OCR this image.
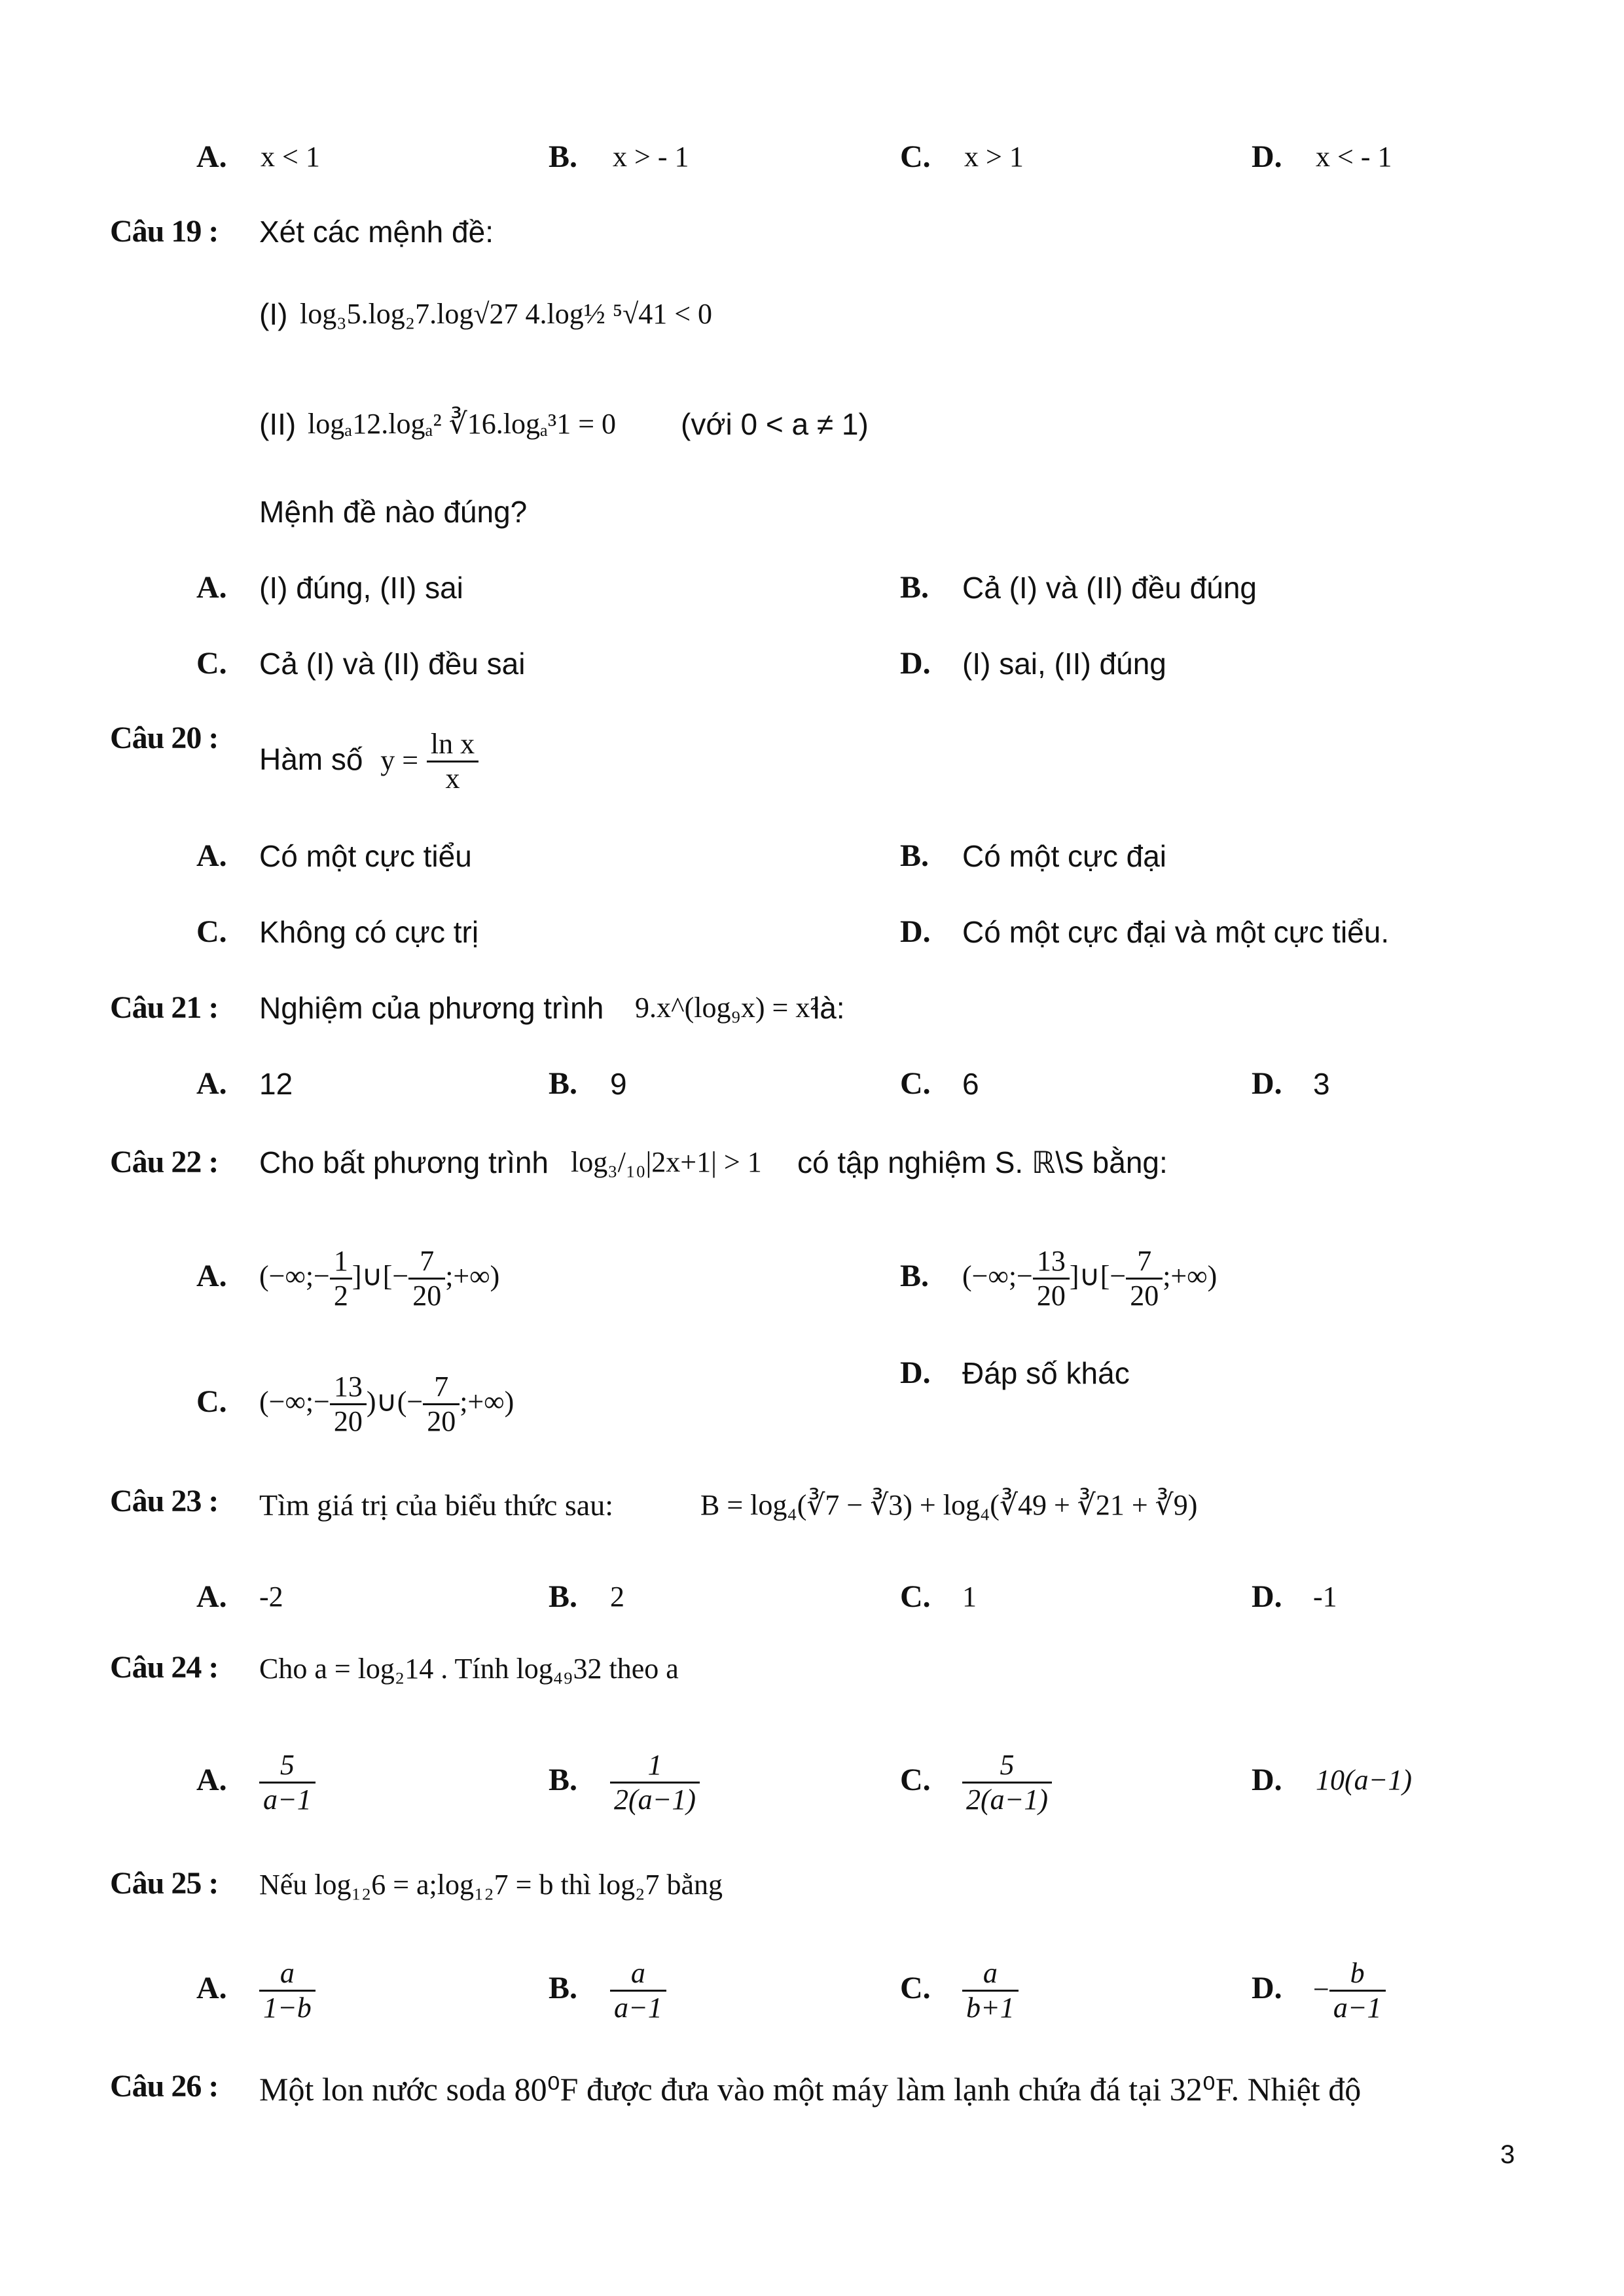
A. x < 1	B. x > - 1	C. x > 1	D. x < - 1
Câu 19 : Xét các mệnh đề:
(I) log₃5.log₂7.log√27 4.log½ ⁵√41 < 0
(II) logₐ12.logₐ² ∛16.logₐ³1 = 0 (với 0 < a ≠ 1)
Mệnh đề nào đúng?
A. (I) đúng, (II) sai	B. Cả (I) và (II) đều đúng
C. Cả (I) và (II) đều sai	D. (I) sai, (II) đúng
Câu 20 :
Hàm số $y = \frac{\text{ln x}}{x}$
A. Có một cực tiểu	B. Có một cực đại
C. Không có cực trị	D. Có một cực đại và một cực tiểu.
Câu 21 : Nghiệm của phương trình 9.x^(log₉x) = x²
là:
A. 12	B. 9	C. 6	D. 3
Câu 22 : Cho bất phương trình log₃/₁₀|2x+1| > 1 có tập nghiệm S. ℝ\S bằng:
A. (−∞;− $\frac{1}{2}$ ]∪[− $\frac{7}{20}$ ;+∞)	B. (−∞;− $\frac{13}{20}$ ]∪[− $\frac{7}{20}$ ;+∞)
C. (−∞;− $\frac{13}{20}$ )∪(− $\frac{7}{20}$ ;+∞)
D. Đáp số khác
Câu 23 : Tìm giá trị của biểu thức sau:	B = log₄(∛7 − ∛3) + log₄(∛49 + ∛21 + ∛9)
A. -2	B. 2	C. 1	D. -1
Câu 24 : Cho a = log₂14 . Tính log₄₉32 theo a
A. $\frac{5}{a-1}$	B. $\frac{1}{2(a-1)}$	C. $\frac{5}{2(a-1)}$	D. 10(a−1)
Câu 25 : Nếu log₁₂6 = a;log₁₂7 = b thì log₂7 bằng
A. $\frac{a}{1-b}$	B. $\frac{a}{a-1}$	C. $\frac{a}{b+1}$	D. − $\frac{b}{a-1}$
Câu 26 : Một lon nước soda 80⁰F được đưa vào một máy làm lạnh chứa đá tại 32⁰F. Nhiệt độ
3
